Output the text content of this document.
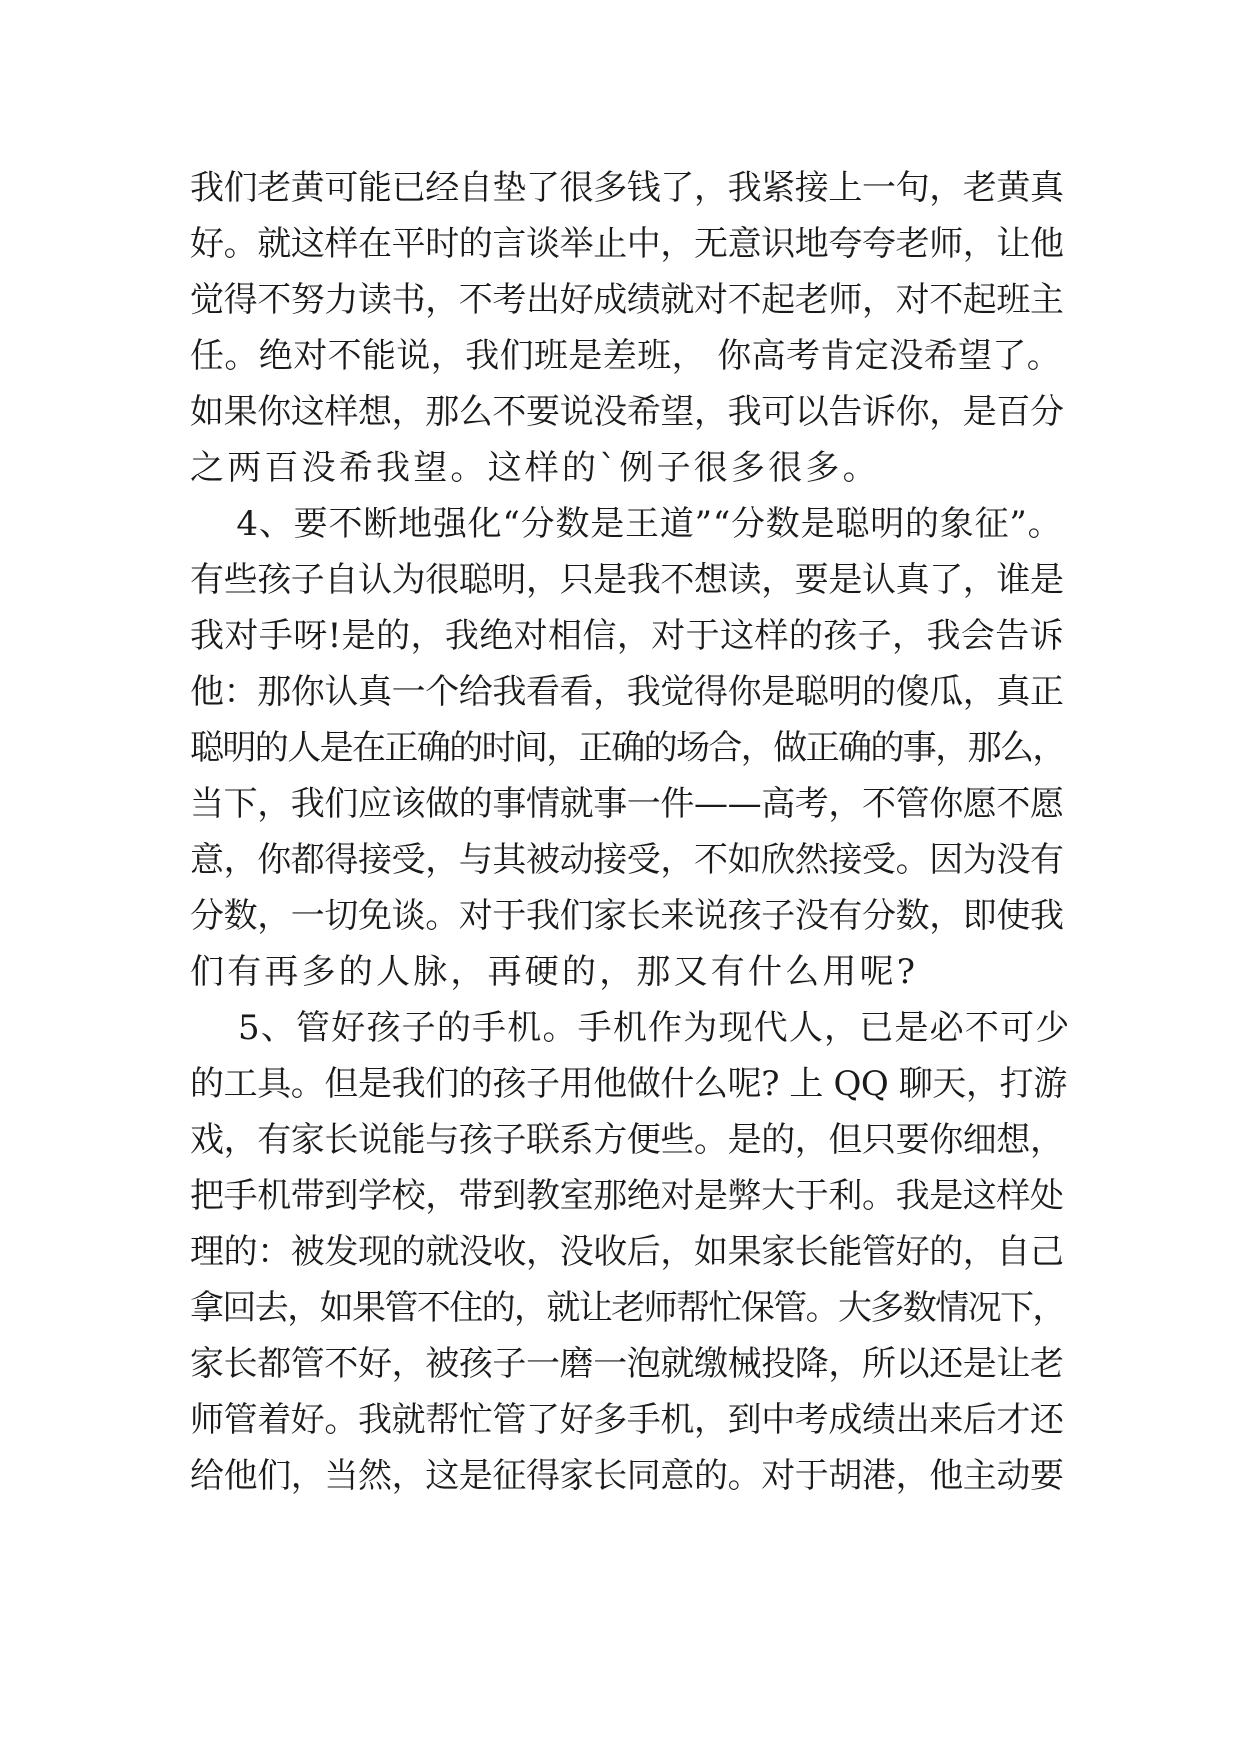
我们老黄可能已经自垫了很多钱了，我紧接上一句，老黄真
好。就这样在平时的言谈举止中，无意识地夸夸老师，让他
觉得不努力读书，不考出好成绩就对不起老师，对不起班主
任。绝对不能说，我们班是差班， 你高考肯定没希望了。
如果你这样想，那么不要说没希望，我可以告诉你，是百分
之两百没希我望。这样的`例子很多很多。
4、要不断地强化“分数是王道”“分数是聪明的象征”。
有些孩子自认为很聪明，只是我不想读，要是认真了，谁是
我对手呀!是的，我绝对相信，对于这样的孩子，我会告诉
他：那你认真一个给我看看，我觉得你是聪明的傻瓜，真正
聪明的人是在正确的时间，正确的场合，做正确的事，那么，
当下，我们应该做的事情就事一件——高考，不管你愿不愿
意，你都得接受，与其被动接受，不如欣然接受。因为没有
分数，一切免谈。对于我们家长来说孩子没有分数，即使我
们有再多的人脉，再硬的，那又有什么用呢?
5、管好孩子的手机。手机作为现代人，已是必不可少
的工具。但是我们的孩子用他做什么呢? 上 QQ 聊天，打游
戏，有家长说能与孩子联系方便些。是的，但只要你细想，
把手机带到学校，带到教室那绝对是弊大于利。我是这样处
理的：被发现的就没收，没收后，如果家长能管好的，自己
拿回去，如果管不住的，就让老师帮忙保管。大多数情况下，
家长都管不好，被孩子一磨一泡就缴械投降，所以还是让老
师管着好。我就帮忙管了好多手机，到中考成绩出来后才还
给他们，当然，这是征得家长同意的。对于胡港，他主动要
